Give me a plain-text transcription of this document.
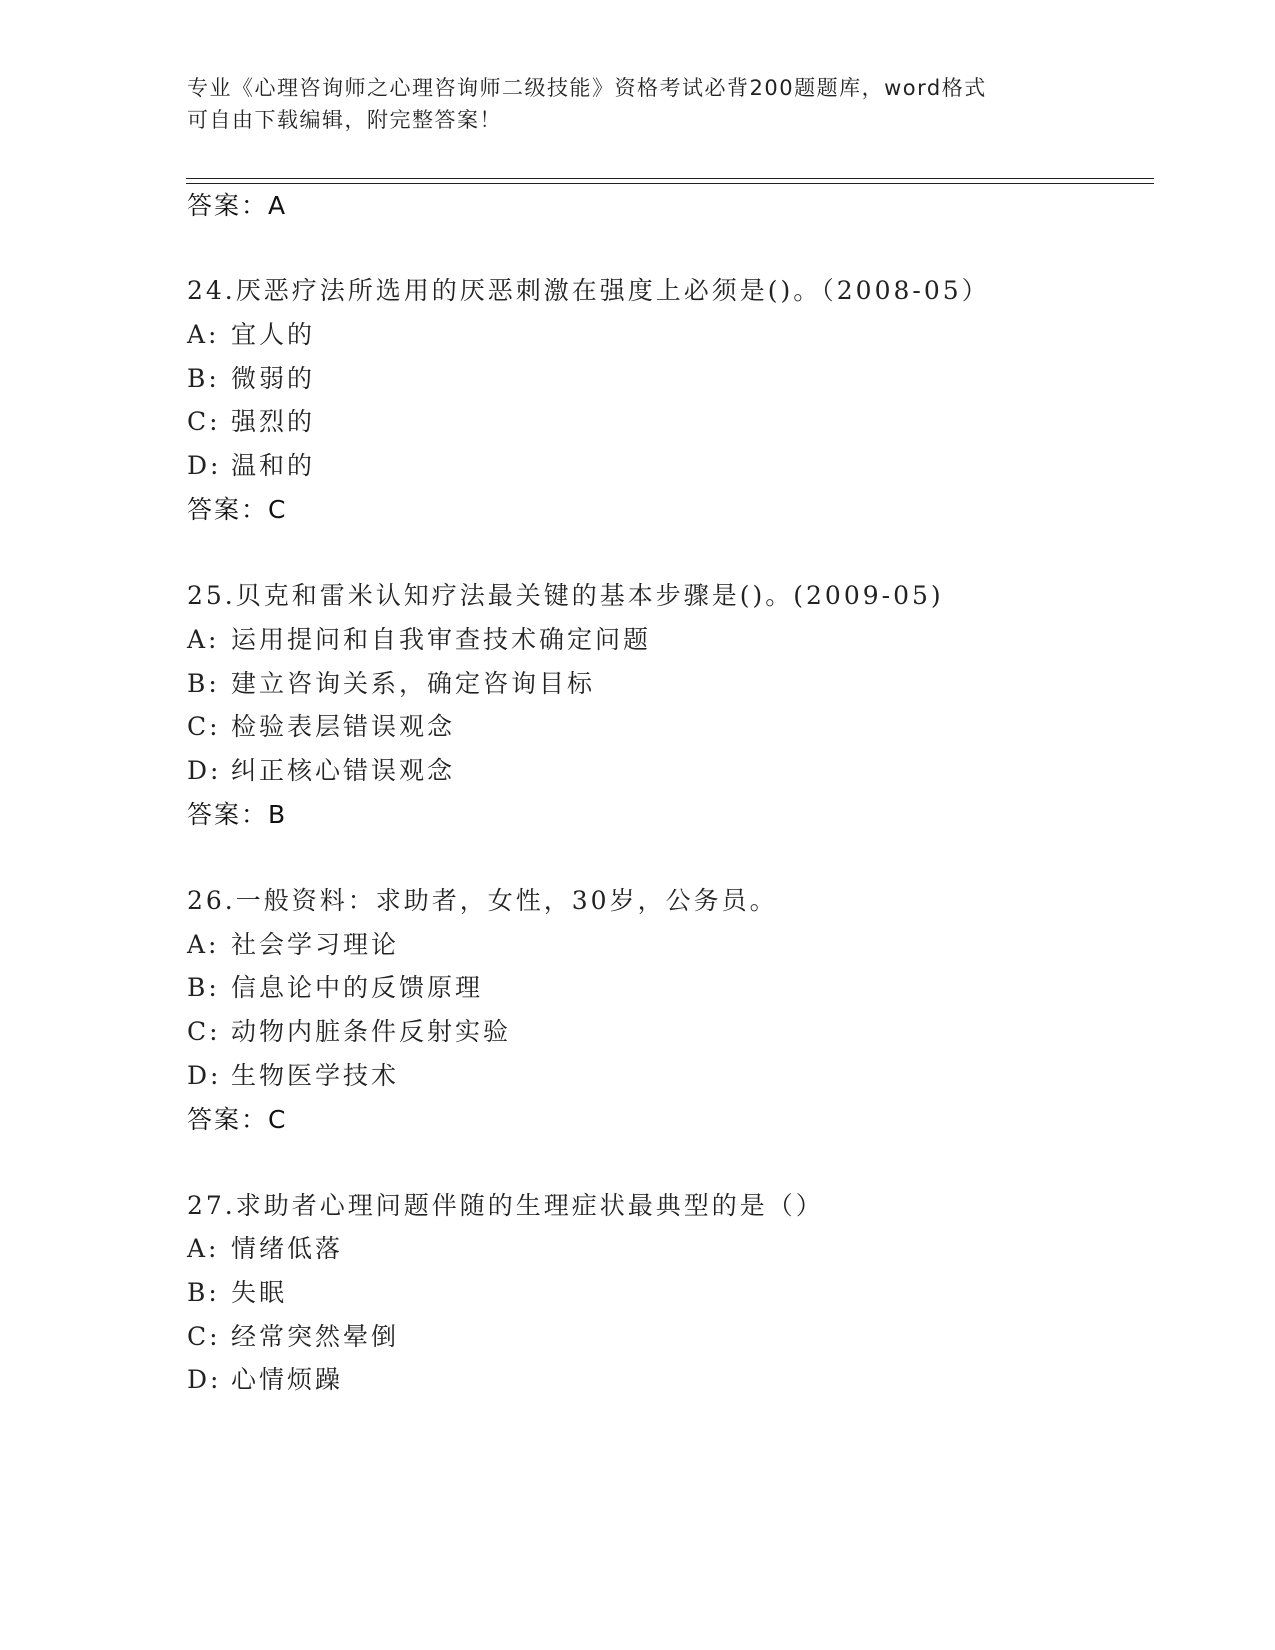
专业《心理咨询师之心理咨询师二级技能》资格考试必背200题题库，word格式
可自由下载编辑，附完整答案！
答案：A
24.厌恶疗法所选用的厌恶刺激在强度上必须是()。（2008-05）
A: 宜人的
B: 微弱的
C: 强烈的
D: 温和的
答案：C
25.贝克和雷米认知疗法最关键的基本步骤是()。(2009-05)
A: 运用提问和自我审查技术确定问题
B: 建立咨询关系，确定咨询目标
C: 检验表层错误观念
D: 纠正核心错误观念
答案：B
26.一般资料：求助者，女性，30岁，公务员。
A: 社会学习理论
B: 信息论中的反馈原理
C: 动物内脏条件反射实验
D: 生物医学技术
答案：C
27.求助者心理问题伴随的生理症状最典型的是（）
A: 情绪低落
B: 失眠
C: 经常突然晕倒
D: 心情烦躁
